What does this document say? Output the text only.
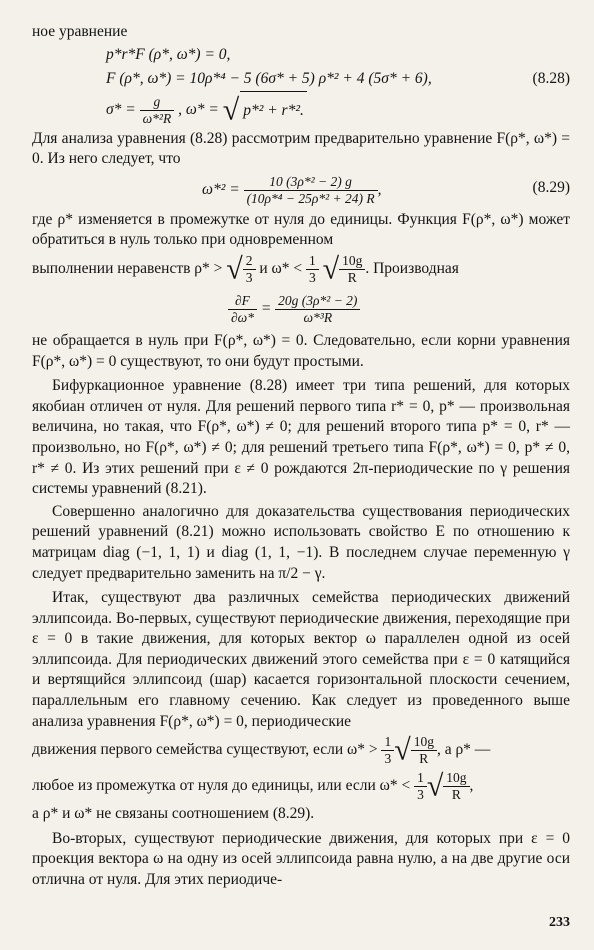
ное уравнение

p*r*F (ρ*, ω*) = 0,
F (ρ*, ω*) = 10ρ*⁴ − 5 (6σ* + 5) ρ*² + 4 (5σ* + 6),	(8.28)
$\sigma* = \frac{g}{\text{ω*²R}}$ , ω* = √ p*² + r*².

Для анализа уравнения (8.28) рассмотрим предварительно уравнение F(ρ*, ω*) = 0. Из него следует, что

$\omega*^2 = \frac{\text{10 (3ρ*² − 2) g}}{\text{(10ρ*⁴ − 25ρ*² + 24) R}}$ ,	(8.29)

где ρ* изменяется в промежутке от нуля до единицы. Функция F(ρ*, ω*) может обратиться в нуль только при одновременном

выполнении неравенств ρ* > √ $\frac{2}{3}$ и $\omega* < \frac{1}{3}$ √ $\frac{10g}{R}$ . Производная
$\frac{\partial F}{\partial\omega*} = \frac{\text{20g (3ρ*² − 2)}}{\text{ω*³R}}$

не обращается в нуль при F(ρ*, ω*) = 0. Следовательно, если корни уравнения F(ρ*, ω*) = 0 существуют, то они будут простыми.

Бифуркационное уравнение (8.28) имеет три типа решений, для которых якобиан отличен от нуля. Для решений первого типа r* = 0, p* — произвольная величина, но такая, что F(ρ*, ω*) ≠ 0; для решений второго типа p* = 0, r* — произвольно, но F(ρ*, ω*) ≠ 0; для решений третьего типа F(ρ*, ω*) = 0, p* ≠ 0, r* ≠ 0. Из этих решений при ε ≠ 0 рождаются 2π-периодические по γ решения системы уравнений (8.21).

Совершенно аналогично для доказательства существования периодических решений уравнений (8.21) можно использовать свойство E по отношению к матрицам diag (−1, 1, 1) и diag (1, 1, −1). В последнем случае переменную γ следует предварительно заменить на π/2 − γ.

Итак, существуют два различных семейства периодических движений эллипсоида. Во-первых, существуют периодические движения, переходящие при ε = 0 в такие движения, для которых вектор ω параллелен одной из осей эллипсоида. Для периодических движений этого семейства при ε = 0 катящийся и вертящийся эллипсоид (шар) касается горизонтальной плоскости сечением, параллельным его главному сечению. Как следует из проведенного выше анализа уравнения F(ρ*, ω*) = 0, периодические

движения первого семейства существуют, если $\omega* > \frac{1}{3}$ √ $\frac{10g}{R}$ , а ρ* —
любое из промежутка от нуля до единицы, или если $\omega* < \frac{1}{3}$ √ $\frac{10g}{R}$ ,

а ρ* и ω* не связаны соотношением (8.29).

Во-вторых, существуют периодические движения, для которых при ε = 0 проекция вектора ω на одну из осей эллипсоида равна нулю, а на две другие оси отлична от нуля. Для этих периодиче-

233
